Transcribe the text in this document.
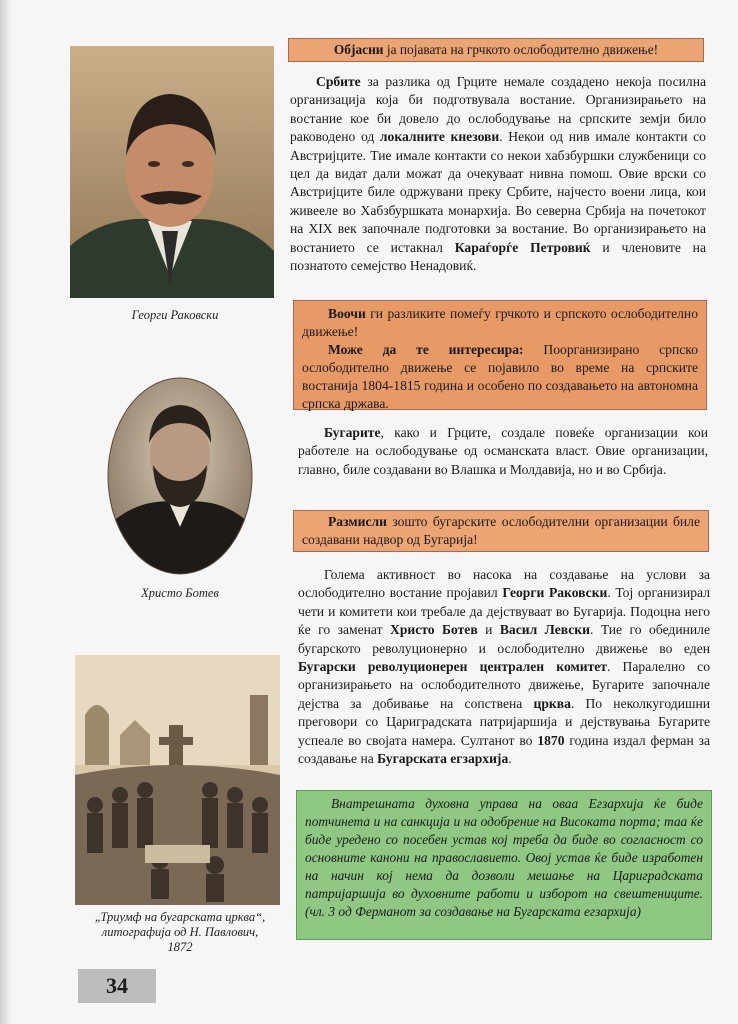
Георги Раковски
Христо Ботев
„Триумф на бугарската црква“,
литографија од Н. Павлович,
1872
Објасни ја појавата на грчкото ослободително движење!
Србите за разлика од Грците немале создадено некоја посилна организација која би подготвувала востание. Организирањето на востание кое би довело до ослободување на српските земји било раководено од локалните кнезови. Некои од нив имале контакти со Австријците. Тие имале контакти со некои хабзбуршки службеници со цел да видат дали можат да очекуваат нивна помош. Овие врски со Австријците биле одржувани преку Србите, најчесто воени лица, кои живееле во Хабзбуршката монархија. Во северна Србија на почетокот на XIX век започнале подготовки за востание. Во организирањето на востанието се истакнал Караѓорѓе Петровиќ и членовите на познатото семејство Ненадовиќ.
Воочи ги разликите помеѓу грчкото и српското ослободително движење!
Може да те интересира: Поорганизирано српско ослободително движење се појавило во време на српските востанија 1804-1815 година и особено по создавањето на автономна српска држава.
Бугарите, како и Грците, создале повеќе организации кои работеле на ослободување од османската власт. Овие организации, главно, биле создавани во Влашка и Молдавија, но и во Србија.
Размисли зошто бугарските ослободителни организации биле создавани надвор од Бугарија!
Голема активност во насока на создавање на услови за ослободително востание пројавил Георги Раковски. Тој организирал чети и комитети кои требале да дејствуваат во Бугарија. Подоцна него ќе го заменат Христо Ботев и Васил Левски. Тие го обединиле бугарското револуционерно и ослободително движење во еден Бугарски револуционерен централен комитет. Паралелно со организирањето на ослободителното движење, Бугарите започнале дејства за добивање на сопствена црква. По неколкугодишни преговори со Цариградската патријаршија и дејствувања Бугарите успеале во својата намера. Султанот во 1870 година издал ферман за создавање на Бугарската егзархија.
Внатрешната духовна управа на оваа Егзархија ќе биде потчинета и на санкција и на одобрение на Високата порта; таа ќе биде уредено со посебен устав кој треба да биде во согласност со основните канони на православието. Овој устав ќе биде изработен на начин кој нема да дозволи мешање на Цариградската патријаршија во духовните работи и изборот на свештениците. (чл. 3 од Ферманот за создавање на Бугарската егзархија)
34
